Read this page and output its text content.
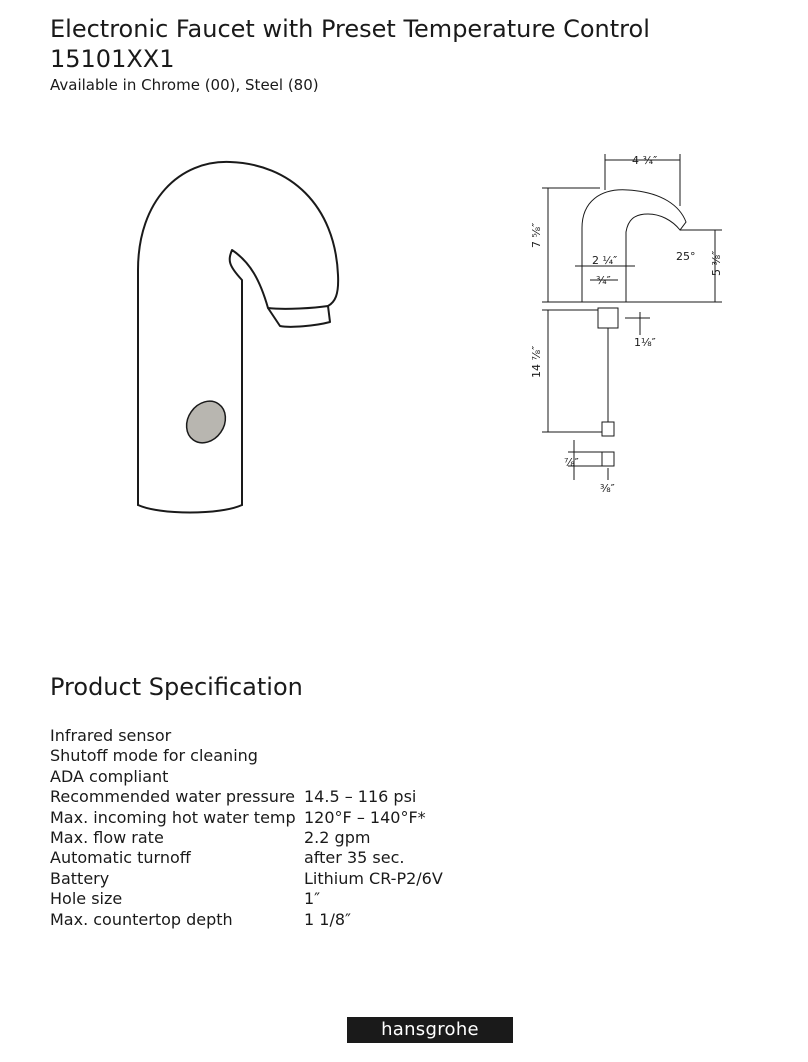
Electronic Faucet with Preset Temperature Control
15101XX1
Available in Chrome (00), Steel (80)
4 ¾″
7 ⅝″
5 ⅜″
2 ¼″
¾″
25°
1⅛″
14 ⅞″
⅞″
⅜″
Product Specification
Infrared sensor	
Shutoff mode for cleaning	
ADA compliant	
Recommended water pressure	14.5 – 116 psi
Max. incoming hot water temp	120°F – 140°F*
Max. flow rate	2.2 gpm
Automatic turnoff	after 35 sec.
Battery	Lithium CR-P2/6V
Hole size	1″
Max. countertop depth	1 1/8″
hansgrohe
